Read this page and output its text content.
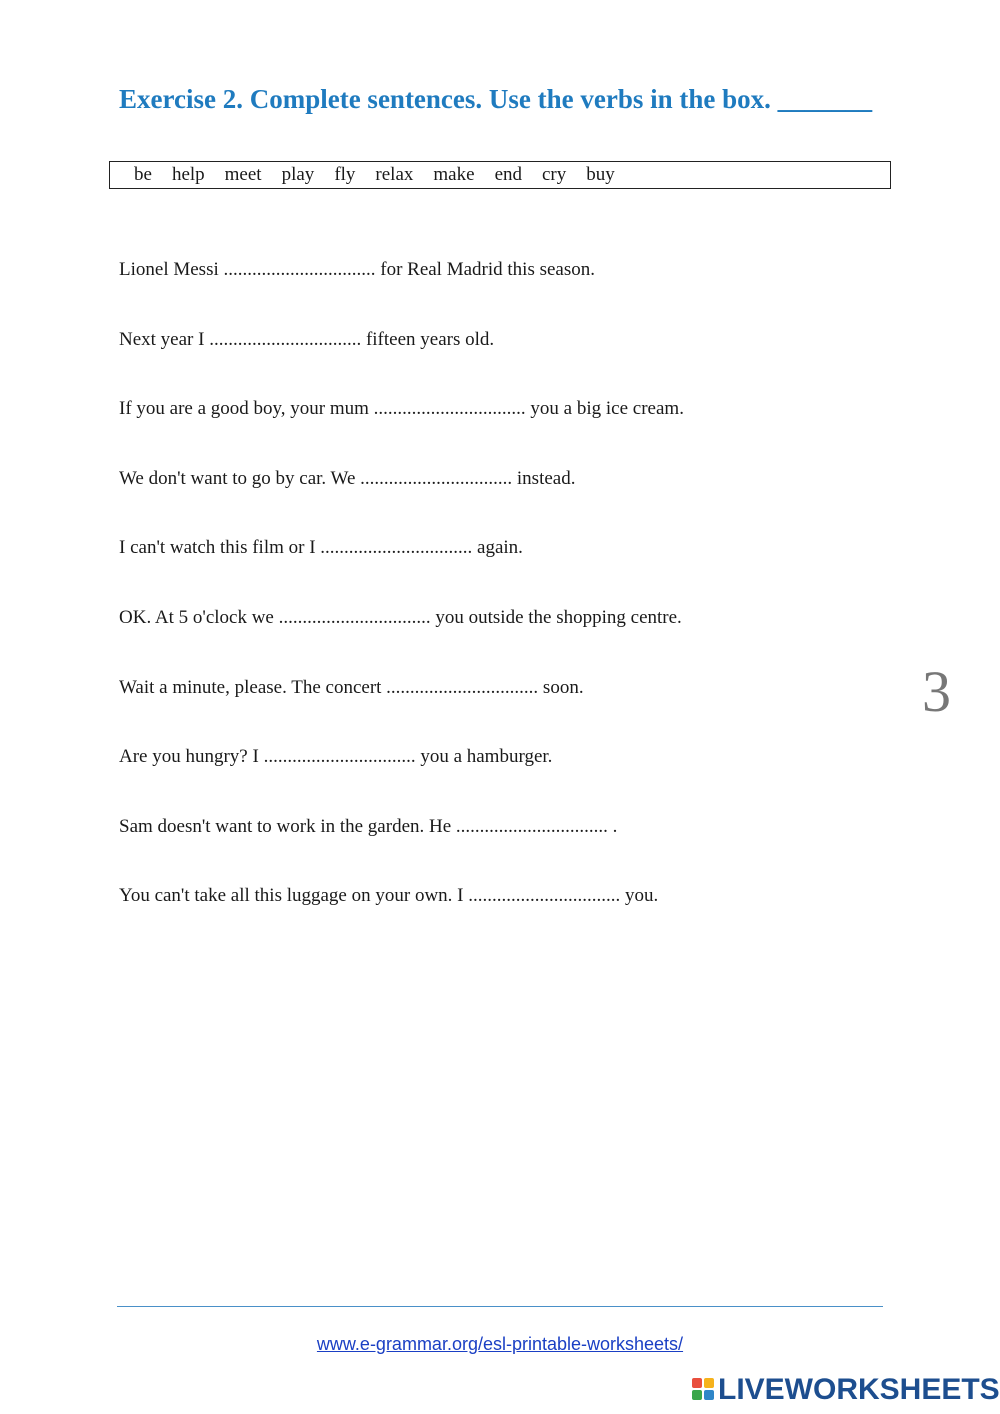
Exercise 2. Complete sentences. Use the verbs in the box. _______
be help meet play fly relax make end cry buy
Lionel Messi ................................ for Real Madrid this season.
Next year I ................................ fifteen years old.
If you are a good boy, your mum ................................ you a big ice cream.
We don't want to go by car. We ................................ instead.
I can't watch this film or I ................................ again.
OK. At 5 o'clock we ................................ you outside the shopping centre.
Wait a minute, please. The concert ................................ soon.
Are you hungry? I ................................ you a hamburger.
Sam doesn't want to work in the garden. He ................................ .
You can't take all this luggage on your own. I ................................ you.
3
www.e-grammar.org/esl-printable-worksheets/
LIVEWORKSHEETS
